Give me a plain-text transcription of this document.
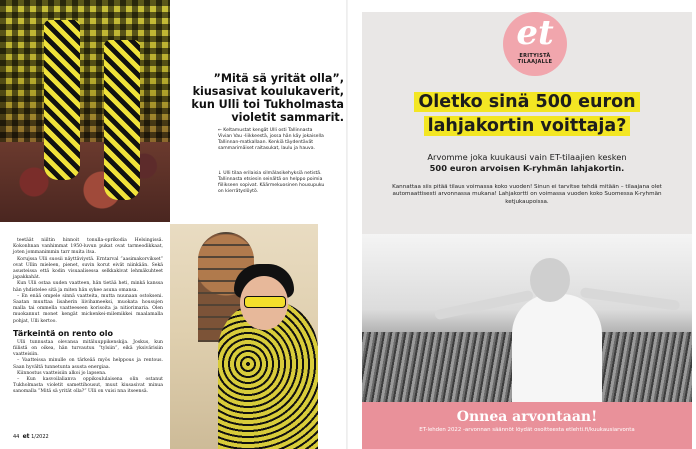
”Mitä sä yrität olla”, kiusasivat koulukaverit, kun Ulli toi Tukholmasta violetit sammarit.
← Keltamustat kengät Ulli osti Tallinnasta Vivian Vau -liikkeestä, jossa hän käy jokaisella Tallinnan-matkallaan. Kenkiä täydentävät sammarimäiset raitasukat, laulu ja hauva.
↓ Ulli tilaa erilaisia silmälasikehyksiä netistä. Tallinnasta etsiesin seinältä on helppo poimia fiilikseen sopivat. Käärmekuosinen housupuku on kierrätyslöytö.

teetäät niiltin hinnoit tonulla-oprikodia Helsingissä. Kokonhnan vanhimmat 1950-luvun pukat ovat tarmeodikkaat, joten jommanimmin tarr muita itsa.

Korujssa Ulli suosii näyttäviystä. Erntarval ”aasimakorvikset” ovat Ullin mieleen, pienet, suvin korut eivät niinkään. Sekä asusteissa että kodin visuaalisessa selkkakivat lehmäkuhteet japakkahät.

Kun Ulli ostaa uuden vaatteen, hän tietää heti, minkä kanssa hän yhdistelee sitä ja miten hän sykee asuna omansa.

– En enää ompele sinnä vaatteita, mutta nuunaan ostokseni. Saatan muuttaa lisaherin liivihameeksi, muokata housujen malla tai ommella vaatteeseen korisoita ja nitiorimaria. Olen muokannut monet kengät mickenkei-milemikkei maalamalla pohjat, Ulli kertoo.

Tärkeintä on rento olo

Ulli tunnustaa olevansa mitäluuppikenskija. Joskus, kun fiilistä on oikea, hän turvautuu ”tylsiin”, eikä yksivärisiin vaatteisiin.

– Vaatteissa minulle on tärkeää myös helppous ja rentous. Saan hyvältä tunnetunta asusta energiaa.

Kiinnostus vaatteisiin alkoi jo lapsena.

– Kun kasvoilalianva oppikoululaisena olin ostanut Tukholmasta violetit samettihousut, muut kiusasivat minua sanomalla ”Mitä sä yrität olla?” Ulli on vuisi nna itseensä.

44 et 1/2022
et
ERITYISTÄ
TILAAJALLE
Oletko sinä 500 euron
lahjakortin voittaja?
Arvomme joka kuukausi vain ET-tilaajien kesken
500 euron arvoisen K-ryhmän lahjakortin.
Kannattaa siis pitää tilaus voimassa koko vuoden! Sinun ei tarvitse tehdä mitään – tilaajana olet automaattisesti arvonnassa mukana! Lahjakortti on voimassa vuoden koko Suomessa K-ryhmän ketjukaupoissa.
Onnea arvontaan!
ET-lehden 2022 -arvonnan säännöt löydät osoitteesta etlehti.fi/kuukausiarvonta
